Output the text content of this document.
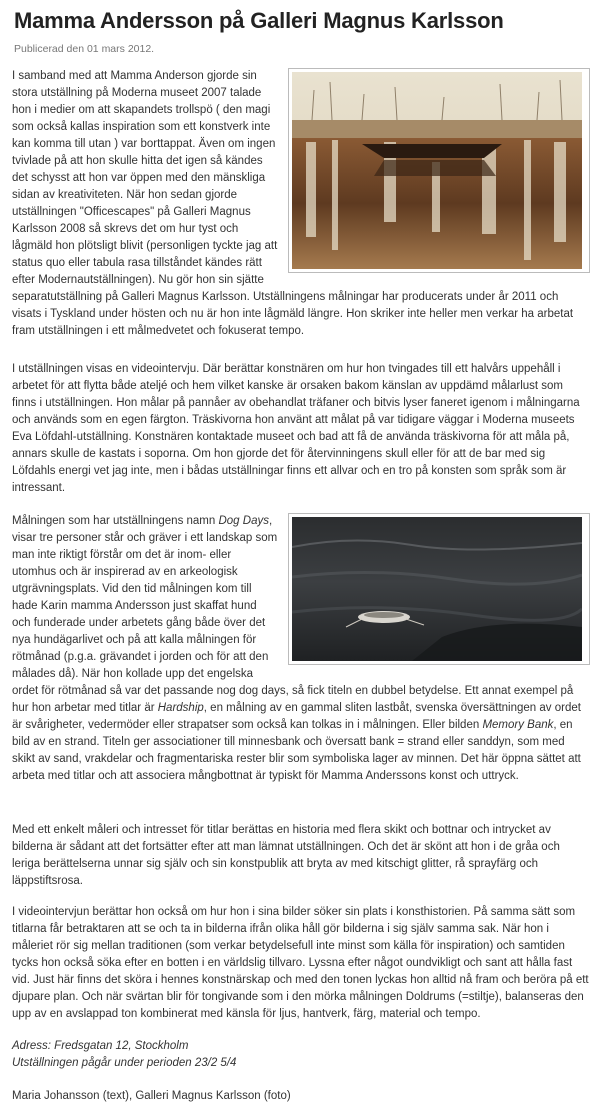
Mamma Andersson på Galleri Magnus Karlsson
Publicerad den 01 mars 2012.

I samband med att Mamma Anderson gjorde sin stora utställning på Moderna museet 2007 talade hon i medier om att skapandets trollspö ( den magi som också kallas inspiration som ett konstverk inte kan komma till utan ) var borttappat. Även om ingen tvivlade på att hon skulle hitta det igen så kändes det schysst att hon var öppen med den mänskliga sidan av kreativiteten. När hon sedan gjorde utställningen "Officescapes" på Galleri Magnus Karlsson 2008 så skrevs det om hur tyst och lågmäld hon plötsligt blivit (personligen tyckte jag att status quo eller tabula rasa tillståndet kändes rätt efter Modernautställningen). Nu gör hon sin sjätte separatutställning på Galleri Magnus Karlsson. Utställningens målningar har producerats under år 2011 och visats i Tyskland under hösten och nu är hon inte lågmäld längre. Hon skriker inte heller men verkar ha arbetat fram utställningen i ett målmedvetet och fokuserat tempo.

I utställningen visas en videointervju. Där berättar konstnären om hur hon tvingades till ett halvårs uppehåll i arbetet för att flytta både ateljé och hem vilket kanske är orsaken bakom känslan av uppdämd målarlust som finns i utställningen. Hon målar på pannåer av obehandlat träfaner och bitvis lyser faneret igenom i målningarna och används som en egen färgton. Träskivorna hon använt att målat på var tidigare väggar i Moderna museets Eva Löfdahl-utställning. Konstnären kontaktade museet och bad att få de använda träskivorna för att måla på, annars skulle de kastats i soporna. Om hon gjorde det för återvinningens skull eller för att de bar med sig Löfdahls energi vet jag inte, men i bådas utställningar finns ett allvar och en tro på konsten som språk som är intressant.

Målningen som har utställningens namn Dog Days, visar tre personer står och gräver i ett landskap som man inte riktigt förstår om det är inom- eller utomhus och är inspirerad av en arkeologisk utgrävningsplats. Vid den tid målningen kom till hade Karin mamma Andersson just skaffat hund och funderade under arbetets gång både över det nya hundägarlivet och på att kalla målningen för rötmånad (p.g.a. grävandet i jorden och för att den målades då). När hon kollade upp det engelska ordet för rötmånad så var det passande nog dog days, så fick titeln en dubbel betydelse. Ett annat exempel på hur hon arbetar med titlar är Hardship, en målning av en gammal sliten lastbåt, svenska översättningen av ordet är svårigheter, vedermöder eller strapatser som också kan tolkas in i målningen. Eller bilden Memory Bank, en bild av en strand. Titeln ger associationer till minnesbank och översatt bank = strand eller sanddyn, som med skikt av sand, vrakdelar och fragmentariska rester blir som symboliska lager av minnen. Det här öppna sättet att arbeta med titlar och att associera mångbottnat är typiskt för Mamma Anderssons konst och uttryck.

Med ett enkelt måleri och intresset för titlar berättas en historia med flera skikt och bottnar och intrycket av bilderna är sådant att det fortsätter efter att man lämnat utställningen. Och det är skönt att hon i de gråa och leriga berättelserna unnar sig själv och sin konstpublik att bryta av med kitschigt glitter, rå sprayfärg och läppstiftsrosa.

I videointervjun berättar hon också om hur hon i sina bilder söker sin plats i konsthistorien. På samma sätt som titlarna får betraktaren att se och ta in bilderna ifrån olika håll gör bilderna i sig själv samma sak. När hon i måleriet rör sig mellan traditionen (som verkar betydelsefull inte minst som källa för inspiration) och samtiden tycks hon också söka efter en botten i en världslig tillvaro. Lyssna efter något oundvikligt och sant att hålla fast vid. Just här finns det sköra i hennes konstnärskap och med den tonen lyckas hon alltid nå fram och beröra på ett djupare plan. Och när svärtan blir för tongivande som i den mörka målningen Doldrums (=stiltje), balanseras den upp av en avslappad ton kombinerat med känsla för ljus, hantverk, färg, material och tempo.

Adress: Fredsgatan 12, Stockholm

Utställningen pågår under perioden 23/2 5/4

Maria Johansson (text), Galleri Magnus Karlsson (foto)
